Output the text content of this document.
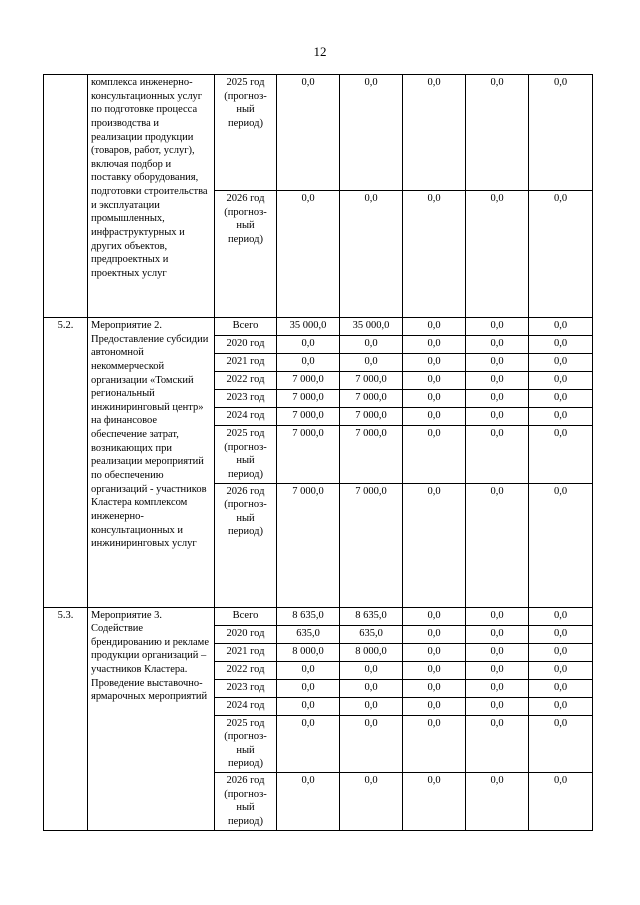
12
	комплекса инженерно-консультационных услуг по подготовке процесса производства и реализации продукции (товаров, работ, услуг), включая подбор и поставку оборудования, подготовки строительства и эксплуатации промышленных, инфраструктурных и других объектов, предпроектных и проектных услуг	2025 год (прогноз-ный период)	0,0	0,0	0,0	0,0	0,0
		2026 год (прогноз-ный период)	0,0	0,0	0,0	0,0	0,0
5.2.	Мероприятие 2. Предоставление субсидии автономной некоммерческой организации «Томский региональный инжиниринговый центр» на финансовое обеспечение затрат, возникающих при реализации мероприятий по обеспечению организаций - участников Кластера комплексом инженерно-консультационных и инжиниринговых услуг	Всего	35 000,0	35 000,0	0,0	0,0	0,0
		2020 год	0,0	0,0	0,0	0,0	0,0
		2021 год	0,0	0,0	0,0	0,0	0,0
		2022 год	7 000,0	7 000,0	0,0	0,0	0,0
		2023 год	7 000,0	7 000,0	0,0	0,0	0,0
		2024 год	7 000,0	7 000,0	0,0	0,0	0,0
		2025 год (прогноз-ный период)	7 000,0	7 000,0	0,0	0,0	0,0
		2026 год (прогноз-ный период)	7 000,0	7 000,0	0,0	0,0	0,0
5.3.	Мероприятие 3. Содействие брендированию и рекламе продукции организаций – участников Кластера. Проведение выставочно-ярмарочных мероприятий	Всего	8 635,0	8 635,0	0,0	0,0	0,0
		2020 год	635,0	635,0	0,0	0,0	0,0
		2021 год	8 000,0	8 000,0	0,0	0,0	0,0
		2022 год	0,0	0,0	0,0	0,0	0,0
		2023 год	0,0	0,0	0,0	0,0	0,0
		2024 год	0,0	0,0	0,0	0,0	0,0
		2025 год (прогноз-ный период)	0,0	0,0	0,0	0,0	0,0
		2026 год (прогноз-ный период)	0,0	0,0	0,0	0,0	0,0
